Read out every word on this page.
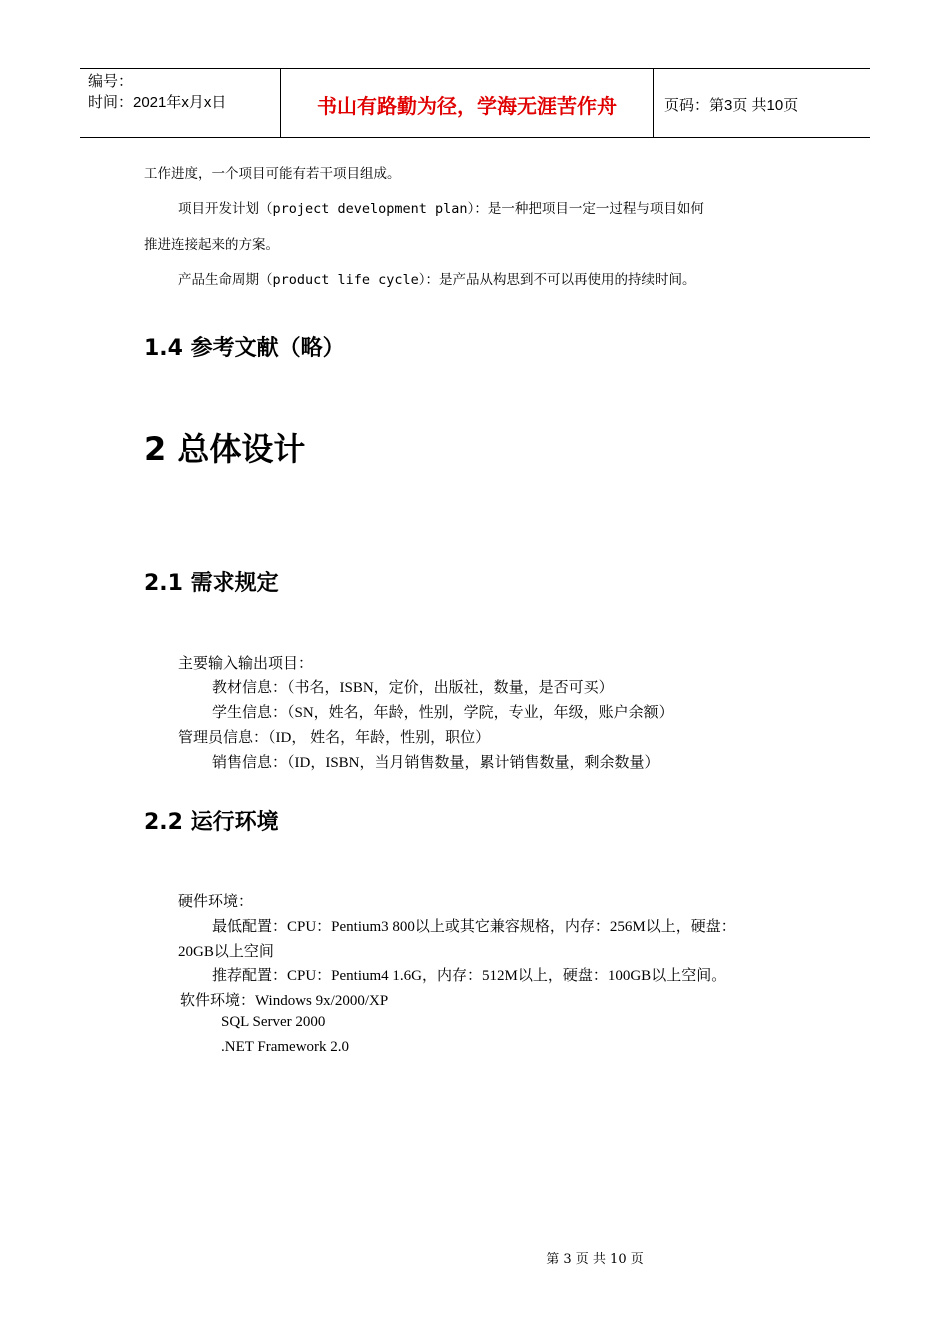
编号：
时间：2021年x月x日	书山有路勤为径，学海无涯苦作舟	页码：第3页 共10页
工作进度，一个项目可能有若干项目组成。
项目开发计划（project development plan）：是一种把项目一定一过程与项目如何
推进连接起来的方案。
产品生命周期（product life cycle）：是产品从构思到不可以再使用的持续时间。
1.4 参考文献（略）
2 总体设计
2.1 需求规定
主要输入输出项目：
教材信息：（书名，ISBN，定价，出版社，数量，是否可买）
学生信息：（SN，姓名，年龄，性别，学院，专业，年级，账户余额）
管理员信息：（ID， 姓名，年龄，性别，职位）
销售信息：（ID，ISBN，当月销售数量，累计销售数量，剩余数量）
2.2 运行环境
硬件环境：
最低配置：CPU：Pentium3 800以上或其它兼容规格，内存：256M以上，硬盘：
20GB以上空间
推荐配置：CPU：Pentium4 1.6G，内存：512M以上，硬盘：100GB以上空间。
软件环境：Windows 9x/2000/XP
SQL Server 2000
.NET Framework 2.0
第 3 页 共 10 页
